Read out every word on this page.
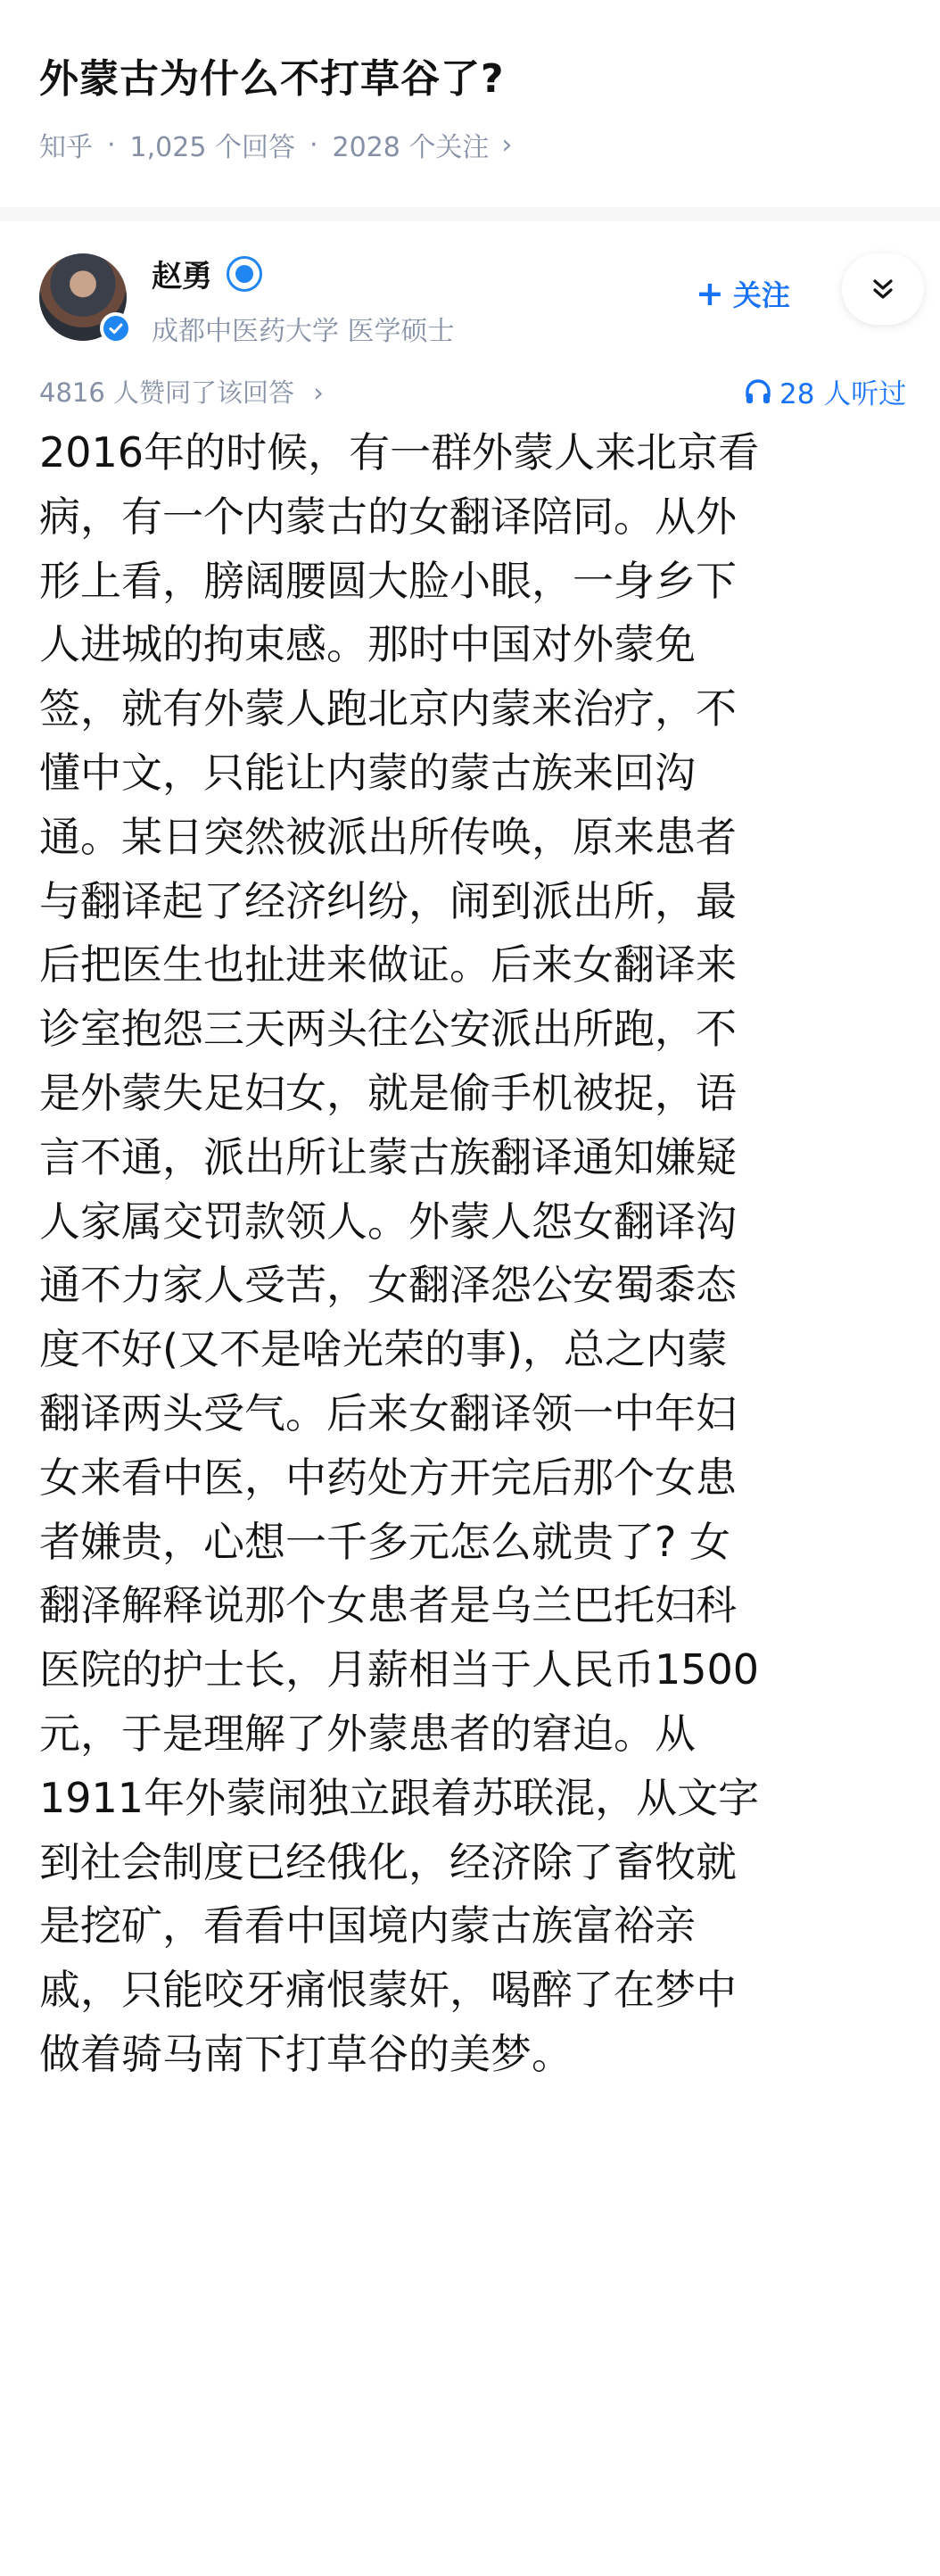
外蒙古为什么不打草谷了?
知乎 · 1,025 个回答 · 2028 个关注 ›
赵勇
成都中医药大学 医学硕士
+ 关注
4816 人赞同了该回答 ›	28 人听过
2016年的时候，有一群外蒙人来北京看
病，有一个内蒙古的女翻译陪同。从外
形上看，膀阔腰圆大脸小眼，一身乡下
人进城的拘束感。那时中国对外蒙免
签，就有外蒙人跑北京内蒙来治疗，不
懂中文，只能让内蒙的蒙古族来回沟
通。某日突然被派出所传唤，原来患者
与翻译起了经济纠纷，闹到派出所，最
后把医生也扯进来做证。后来女翻译来
诊室抱怨三天两头往公安派出所跑，不
是外蒙失足妇女，就是偷手机被捉，语
言不通，派出所让蒙古族翻译通知嫌疑
人家属交罚款领人。外蒙人怨女翻译沟
通不力家人受苦，女翻泽怨公安蜀黍态
度不好(又不是啥光荣的事)，总之内蒙
翻译两头受气。后来女翻译领一中年妇
女来看中医，中药处方开完后那个女患
者嫌贵，心想一千多元怎么就贵了? 女
翻泽解释说那个女患者是乌兰巴托妇科
医院的护士长，月薪相当于人民币1500
元，于是理解了外蒙患者的窘迫。从
1911年外蒙闹独立跟着苏联混，从文字
到社会制度已经俄化，经济除了畜牧就
是挖矿，看看中国境内蒙古族富裕亲
戚，只能咬牙痛恨蒙奸，喝醉了在梦中
做着骑马南下打草谷的美梦。
